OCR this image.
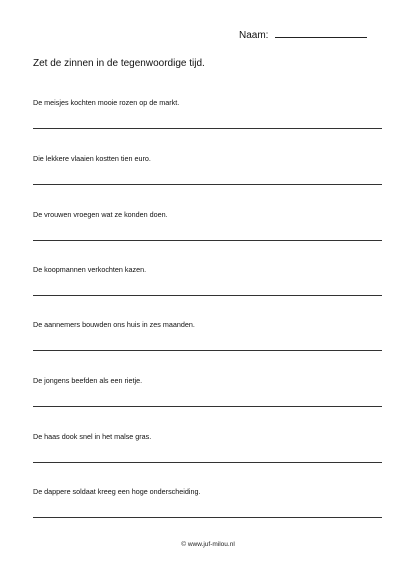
Naam:
Zet de zinnen in de tegenwoordige tijd.
De meisjes kochten mooie rozen op de markt.
Die lekkere vlaaien kostten tien euro.
De vrouwen vroegen wat ze konden doen.
De koopmannen verkochten kazen.
De aannemers bouwden ons huis in zes maanden.
De jongens beefden als een rietje.
De haas dook snel in het malse gras.
De dappere soldaat kreeg een hoge onderscheiding.
© www.juf-milou.nl
